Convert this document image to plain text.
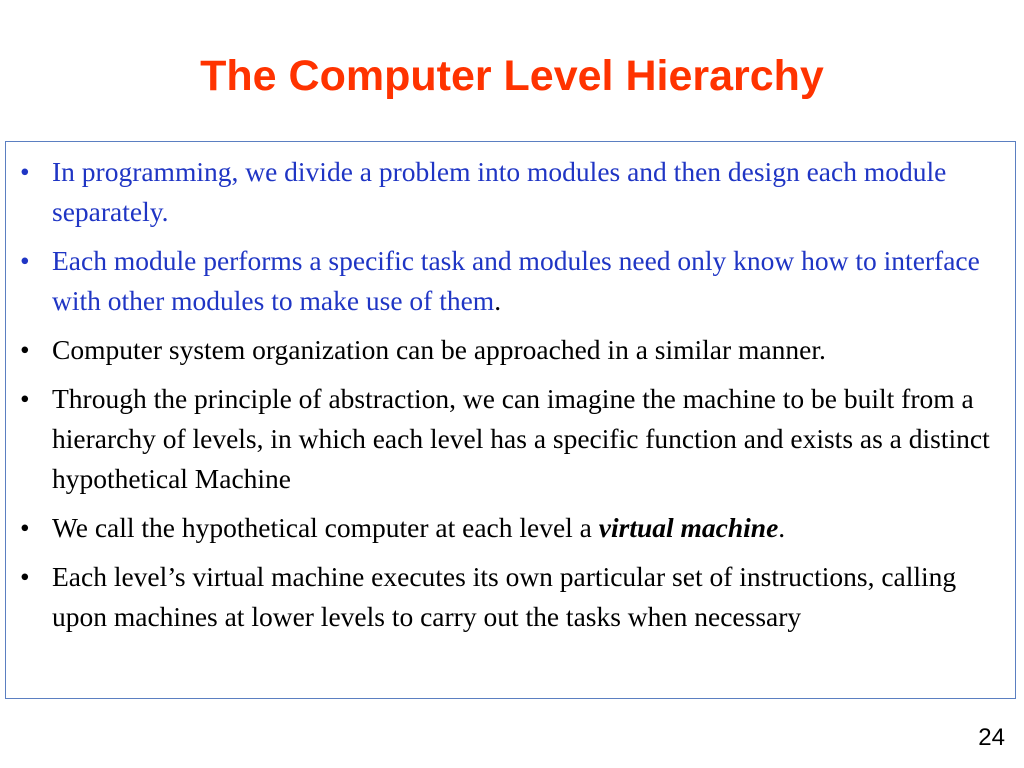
The Computer Level Hierarchy
• In programming, we divide a problem into modules and then design each module separately.
• Each module performs a specific task and modules need only know how to interface with other modules to make use of them.
• Computer system organization can be approached in a similar manner.
• Through the principle of abstraction, we can imagine the machine to be built from a hierarchy of levels, in which each level has a specific function and exists as a distinct hypothetical Machine
• We call the hypothetical computer at each level a virtual machine.
• Each level’s virtual machine executes its own particular set of instructions, calling upon machines at lower levels to carry out the tasks when necessary
24
